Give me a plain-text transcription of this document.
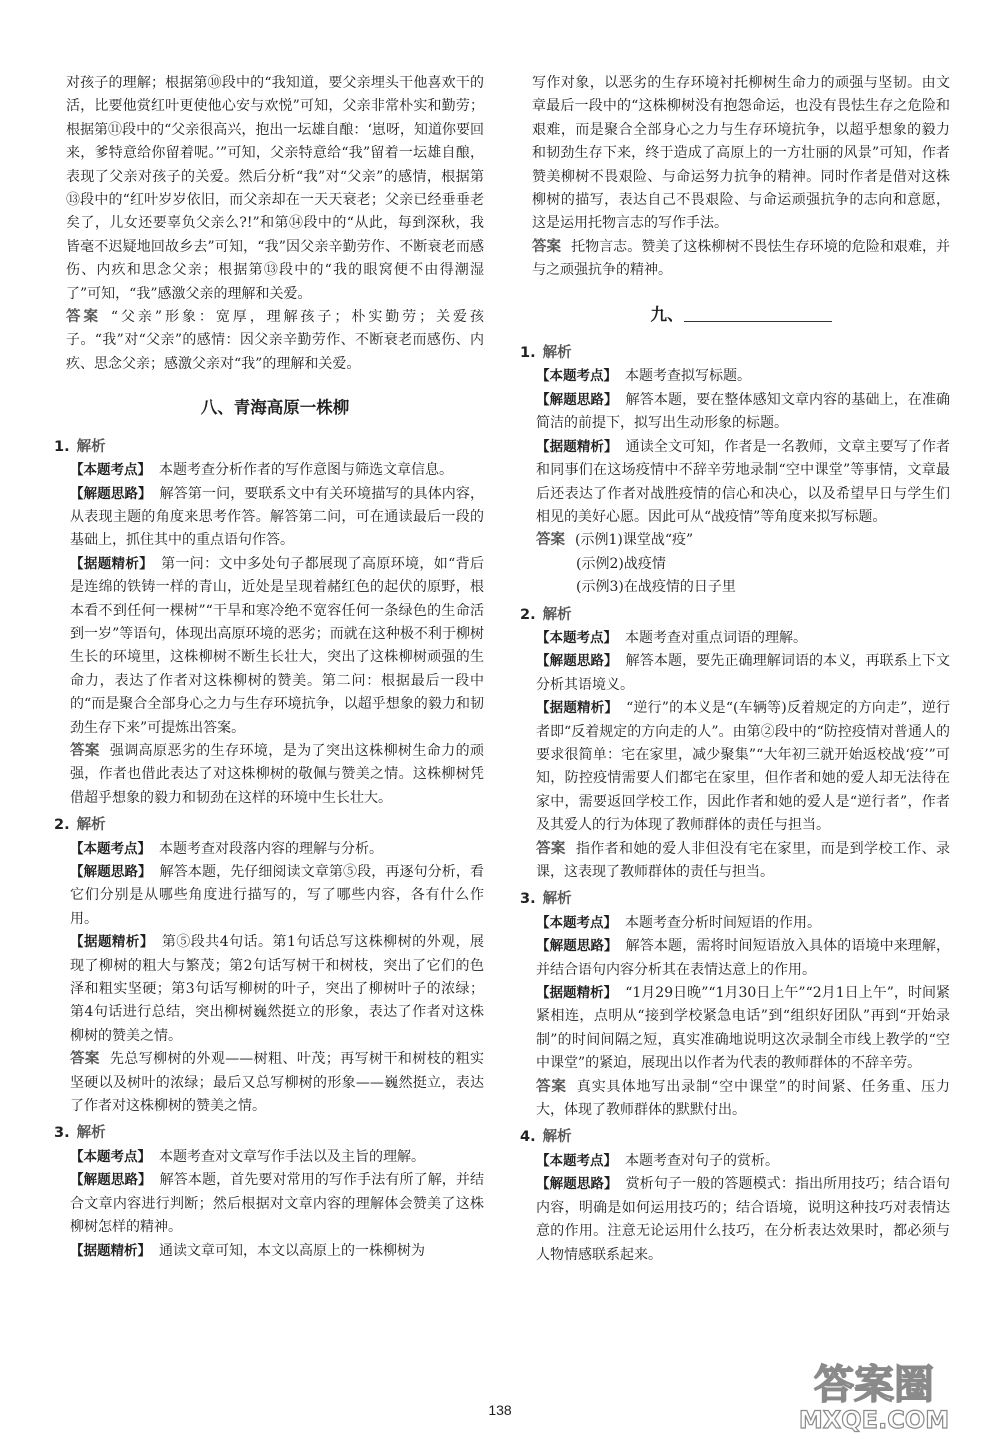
对孩子的理解；根据第⑩段中的“我知道，要父亲埋头干他喜欢干的活，比要他赏红叶更使他心安与欢悦”可知，父亲非常朴实和勤劳；根据第⑪段中的“父亲很高兴，抱出一坛雄自酿：‘崽呀，知道你要回来，爹特意给你留着呢。’”可知，父亲特意给“我”留着一坛雄自酿，表现了父亲对孩子的关爱。然后分析“我”对“父亲”的感情，根据第⑬段中的“红叶岁岁依旧，而父亲却在一天天衰老；父亲已经垂垂老矣了，儿女还要辜负父亲么?!”和第⑭段中的“从此，每到深秋，我皆毫不迟疑地回故乡去”可知，“我”因父亲辛勤劳作、不断衰老而感伤、内疚和思念父亲；根据第⑬段中的“我的眼窝便不由得潮湿了”可知，“我”感激父亲的理解和关爱。

答案 “父亲”形象：宽厚，理解孩子；朴实勤劳；关爱孩子。“我”对“父亲”的感情：因父亲辛勤劳作、不断衰老而感伤、内疚、思念父亲；感激父亲对“我”的理解和关爱。

八、青海高原一株柳
1. 解析

【本题考点】 本题考查分析作者的写作意图与筛选文章信息。

【解题思路】 解答第一问，要联系文中有关环境描写的具体内容，从表现主题的角度来思考作答。解答第二问，可在通读最后一段的基础上，抓住其中的重点语句作答。

【据题精析】 第一问：文中多处句子都展现了高原环境，如“背后是连绵的铁铸一样的青山，近处是呈现着赭红色的起伏的原野，根本看不到任何一棵树”“干旱和寒冷绝不宽容任何一条绿色的生命活到一岁”等语句，体现出高原环境的恶劣；而就在这种极不利于柳树生长的环境里，这株柳树不断生长壮大，突出了这株柳树顽强的生命力，表达了作者对这株柳树的赞美。第二问：根据最后一段中的“而是聚合全部身心之力与生存环境抗争，以超乎想象的毅力和韧劲生存下来”可提炼出答案。

答案 强调高原恶劣的生存环境，是为了突出这株柳树生命力的顽强，作者也借此表达了对这株柳树的敬佩与赞美之情。这株柳树凭借超乎想象的毅力和韧劲在这样的环境中生长壮大。

2. 解析

【本题考点】 本题考查对段落内容的理解与分析。

【解题思路】 解答本题，先仔细阅读文章第⑤段，再逐句分析，看它们分别是从哪些角度进行描写的，写了哪些内容，各有什么作用。

【据题精析】 第⑤段共4句话。第1句话总写这株柳树的外观，展现了柳树的粗大与繁茂；第2句话写树干和树枝，突出了它们的色泽和粗实坚硬；第3句话写柳树的叶子，突出了柳树叶子的浓绿；第4句话进行总结，突出柳树巍然挺立的形象，表达了作者对这株柳树的赞美之情。

答案 先总写柳树的外观——树粗、叶茂；再写树干和树枝的粗实坚硬以及树叶的浓绿；最后又总写柳树的形象——巍然挺立，表达了作者对这株柳树的赞美之情。

3. 解析

【本题考点】 本题考查对文章写作手法以及主旨的理解。

【解题思路】 解答本题，首先要对常用的写作手法有所了解，并结合文章内容进行判断；然后根据对文章内容的理解体会赞美了这株柳树怎样的精神。

【据题精析】 通读文章可知，本文以高原上的一株柳树为

写作对象，以恶劣的生存环境衬托柳树生命力的顽强与坚韧。由文章最后一段中的“这株柳树没有抱怨命运，也没有畏怯生存之危险和艰难，而是聚合全部身心之力与生存环境抗争，以超乎想象的毅力和韧劲生存下来，终于造成了高原上的一方壮丽的风景”可知，作者赞美柳树不畏艰险、与命运努力抗争的精神。同时作者是借对这株柳树的描写，表达自己不畏艰险、与命运顽强抗争的志向和意愿，这是运用托物言志的写作手法。

答案 托物言志。赞美了这株柳树不畏怯生存环境的危险和艰难，并与之顽强抗争的精神。

九、
1. 解析

【本题考点】 本题考查拟写标题。

【解题思路】 解答本题，要在整体感知文章内容的基础上，在准确简洁的前提下，拟写出生动形象的标题。

【据题精析】 通读全文可知，作者是一名教师，文章主要写了作者和同事们在这场疫情中不辞辛劳地录制“空中课堂”等事情，文章最后还表达了作者对战胜疫情的信心和决心，以及希望早日与学生们相见的美好心愿。因此可从“战疫情”等角度来拟写标题。

答案 (示例1)课堂战“疫”

(示例2)战疫情

(示例3)在战疫情的日子里

2. 解析

【本题考点】 本题考查对重点词语的理解。

【解题思路】 解答本题，要先正确理解词语的本义，再联系上下文分析其语境义。

【据题精析】 “逆行”的本义是“(车辆等)反着规定的方向走”，逆行者即“反着规定的方向走的人”。由第②段中的“防控疫情对普通人的要求很简单：宅在家里，减少聚集”“大年初三就开始返校战‘疫’”可知，防控疫情需要人们都宅在家里，但作者和她的爱人却无法待在家中，需要返回学校工作，因此作者和她的爱人是“逆行者”，作者及其爱人的行为体现了教师群体的责任与担当。

答案 指作者和她的爱人非但没有宅在家里，而是到学校工作、录课，这表现了教师群体的责任与担当。

3. 解析

【本题考点】 本题考查分析时间短语的作用。

【解题思路】 解答本题，需将时间短语放入具体的语境中来理解，并结合语句内容分析其在表情达意上的作用。

【据题精析】 “1月29日晚”“1月30日上午”“2月1日上午”，时间紧紧相连，点明从“接到学校紧急电话”到“组织好团队”再到“开始录制”的时间间隔之短，真实准确地说明这次录制全市线上教学的“空中课堂”的紧迫，展现出以作者为代表的教师群体的不辞辛劳。

答案 真实具体地写出录制“空中课堂”的时间紧、任务重、压力大，体现了教师群体的默默付出。

4. 解析

【本题考点】 本题考查对句子的赏析。

【解题思路】 赏析句子一般的答题模式：指出所用技巧；结合语句内容，明确是如何运用技巧的；结合语境，说明这种技巧对表情达意的作用。注意无论运用什么技巧，在分析表达效果时，都必须与人物情感联系起来。

138
答案圈
MXQE.COM
